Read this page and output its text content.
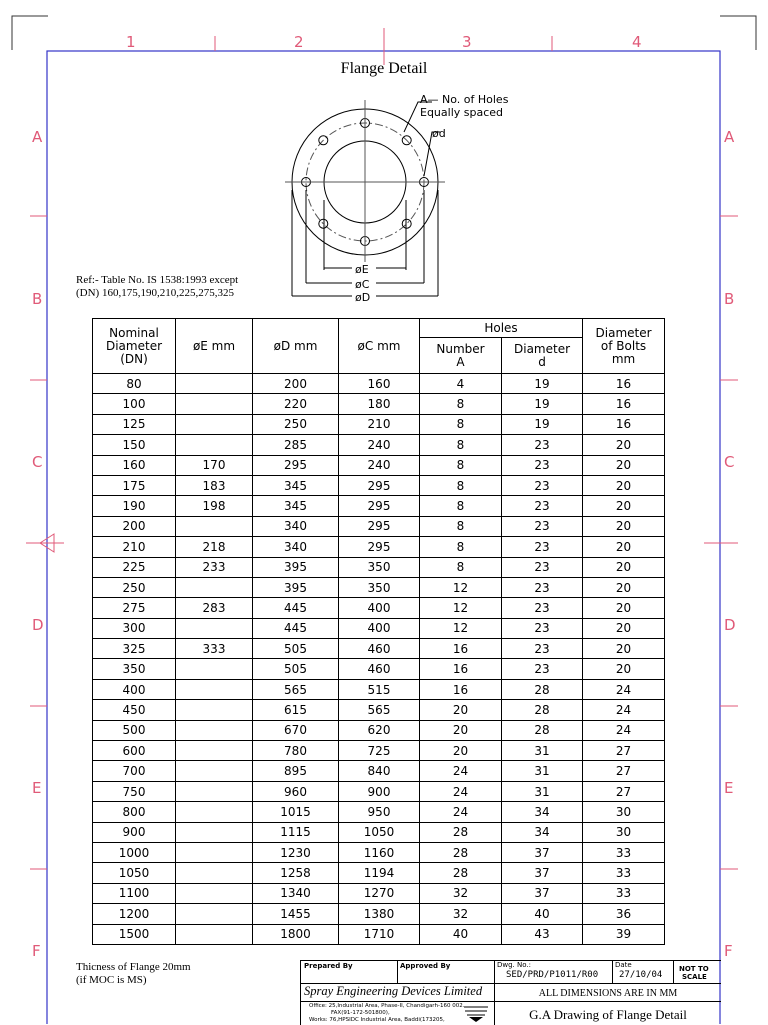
A— No. of Holes
Equally spaced
ød
øE
øC
øD
1	2	3	4
A
B
C
D
E
F
A
B
C
D
E
F
Flange Detail
Ref:- Table No. IS 1538:1993 except
(DN) 160,175,190,210,225,275,325
Nominal Diameter (DN)	øE mm	øD mm	øC mm	Holes		Diameter of Bolts mm
				Number A	Diameter d	
80		200	160	4	19	16
100		220	180	8	19	16
125		250	210	8	19	16
150		285	240	8	23	20
160	170	295	240	8	23	20
175	183	345	295	8	23	20
190	198	345	295	8	23	20
200		340	295	8	23	20
210	218	340	295	8	23	20
225	233	395	350	8	23	20
250		395	350	12	23	20
275	283	445	400	12	23	20
300		445	400	12	23	20
325	333	505	460	16	23	20
350		505	460	16	23	20
400		565	515	16	28	24
450		615	565	20	28	24
500		670	620	20	28	24
600		780	725	20	31	27
700		895	840	24	31	27
750		960	900	24	31	27
800		1015	950	24	34	30
900		1115	1050	28	34	30
1000		1230	1160	28	37	33
1050		1258	1194	28	37	33
1100		1340	1270	32	37	33
1200		1455	1380	32	40	36
1500		1800	1710	40	43	39
Thicness of Flange 20mm
(if MOC is MS)
Prepared By	Approved By	Dwg. No.:
SED/PRD/P1011/R00
Date
27/10/04
NOT TO
SCALE
Spray Engineering Devices Limited	ALL DIMENSIONS ARE IN MM
Office: 25,Industrial Area, Phase-II, Chandigarh-160 002.
FAX(91-172-501800),
Works: 76,HPSIDC Industrial Area, Baddi(173205,	G.A Drawing of Flange Detail
